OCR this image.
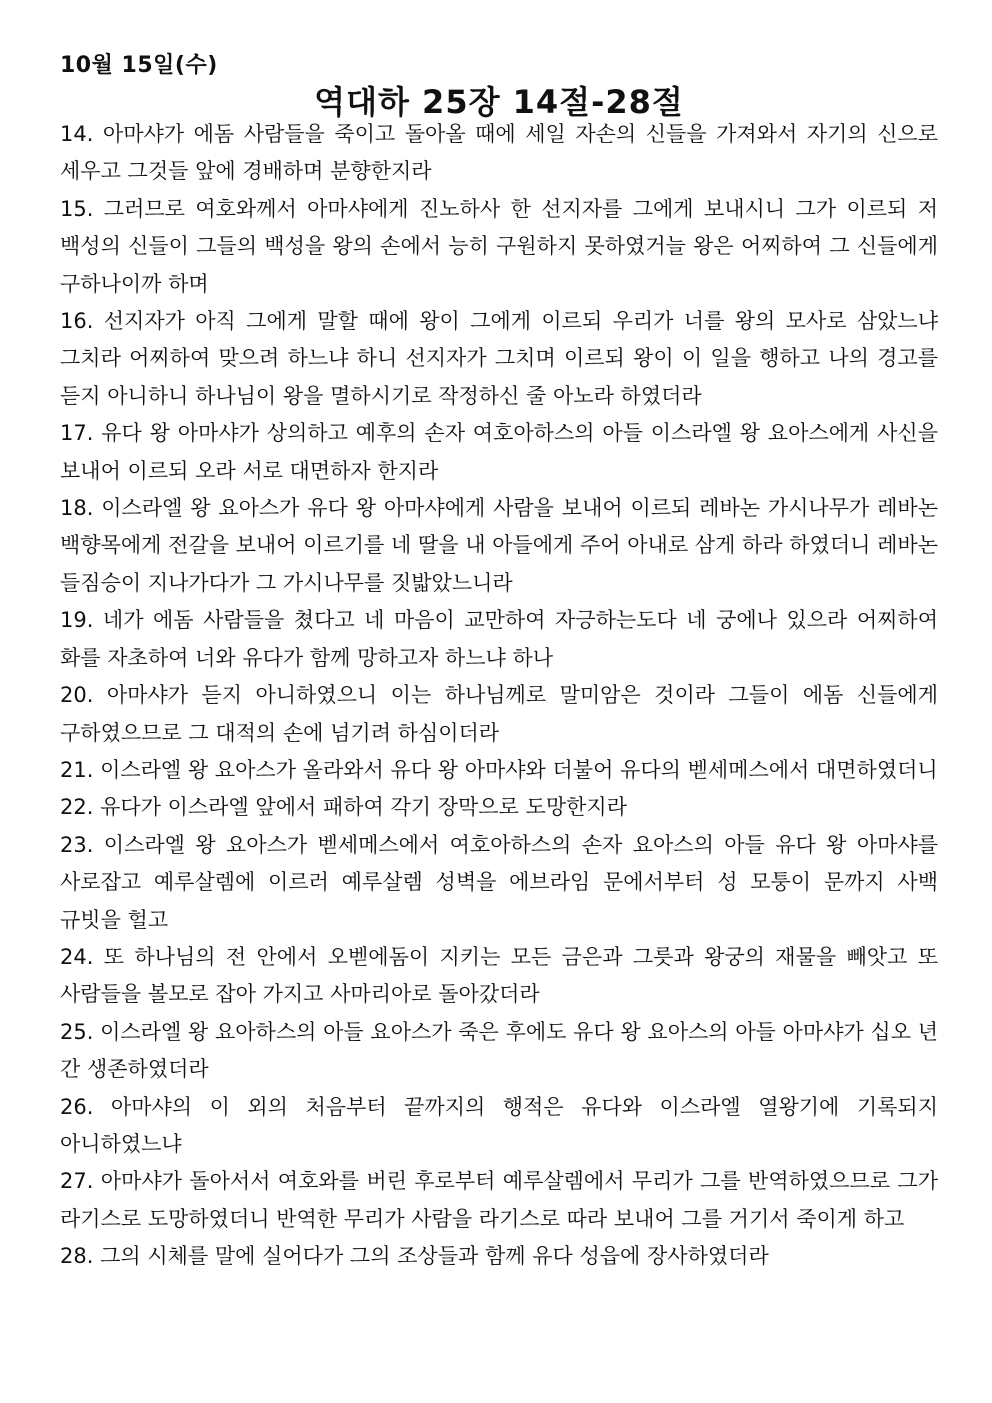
10월 15일(수)
역대하 25장 14절-28절
14. 아마샤가 에돔 사람들을 죽이고 돌아올 때에 세일 자손의 신들을 가져와서 자기의 신으로 세우고 그것들 앞에 경배하며 분향한지라
15. 그러므로 여호와께서 아마샤에게 진노하사 한 선지자를 그에게 보내시니 그가 이르되 저 백성의 신들이 그들의 백성을 왕의 손에서 능히 구원하지 못하였거늘 왕은 어찌하여 그 신들에게 구하나이까 하며
16. 선지자가 아직 그에게 말할 때에 왕이 그에게 이르되 우리가 너를 왕의 모사로 삼았느냐 그치라 어찌하여 맞으려 하느냐 하니 선지자가 그치며 이르되 왕이 이 일을 행하고 나의 경고를 듣지 아니하니 하나님이 왕을 멸하시기로 작정하신 줄 아노라 하였더라
17. 유다 왕 아마샤가 상의하고 예후의 손자 여호아하스의 아들 이스라엘 왕 요아스에게 사신을 보내어 이르되 오라 서로 대면하자 한지라
18. 이스라엘 왕 요아스가 유다 왕 아마샤에게 사람을 보내어 이르되 레바논 가시나무가 레바논 백향목에게 전갈을 보내어 이르기를 네 딸을 내 아들에게 주어 아내로 삼게 하라 하였더니 레바논 들짐승이 지나가다가 그 가시나무를 짓밟았느니라
19. 네가 에돔 사람들을 쳤다고 네 마음이 교만하여 자긍하는도다 네 궁에나 있으라 어찌하여 화를 자초하여 너와 유다가 함께 망하고자 하느냐 하나
20. 아마샤가 듣지 아니하였으니 이는 하나님께로 말미암은 것이라 그들이 에돔 신들에게 구하였으므로 그 대적의 손에 넘기려 하심이더라
21. 이스라엘 왕 요아스가 올라와서 유다 왕 아마샤와 더불어 유다의 벧세메스에서 대면하였더니
22. 유다가 이스라엘 앞에서 패하여 각기 장막으로 도망한지라
23. 이스라엘 왕 요아스가 벧세메스에서 여호아하스의 손자 요아스의 아들 유다 왕 아마샤를 사로잡고 예루살렘에 이르러 예루살렘 성벽을 에브라임 문에서부터 성 모퉁이 문까지 사백 규빗을 헐고
24. 또 하나님의 전 안에서 오벧에돔이 지키는 모든 금은과 그릇과 왕궁의 재물을 빼앗고 또 사람들을 볼모로 잡아 가지고 사마리아로 돌아갔더라
25. 이스라엘 왕 요아하스의 아들 요아스가 죽은 후에도 유다 왕 요아스의 아들 아마샤가 십오 년 간 생존하였더라
26. 아마샤의 이 외의 처음부터 끝까지의 행적은 유다와 이스라엘 열왕기에 기록되지 아니하였느냐
27. 아마샤가 돌아서서 여호와를 버린 후로부터 예루살렘에서 무리가 그를 반역하였으므로 그가 라기스로 도망하였더니 반역한 무리가 사람을 라기스로 따라 보내어 그를 거기서 죽이게 하고
28. 그의 시체를 말에 실어다가 그의 조상들과 함께 유다 성읍에 장사하였더라
